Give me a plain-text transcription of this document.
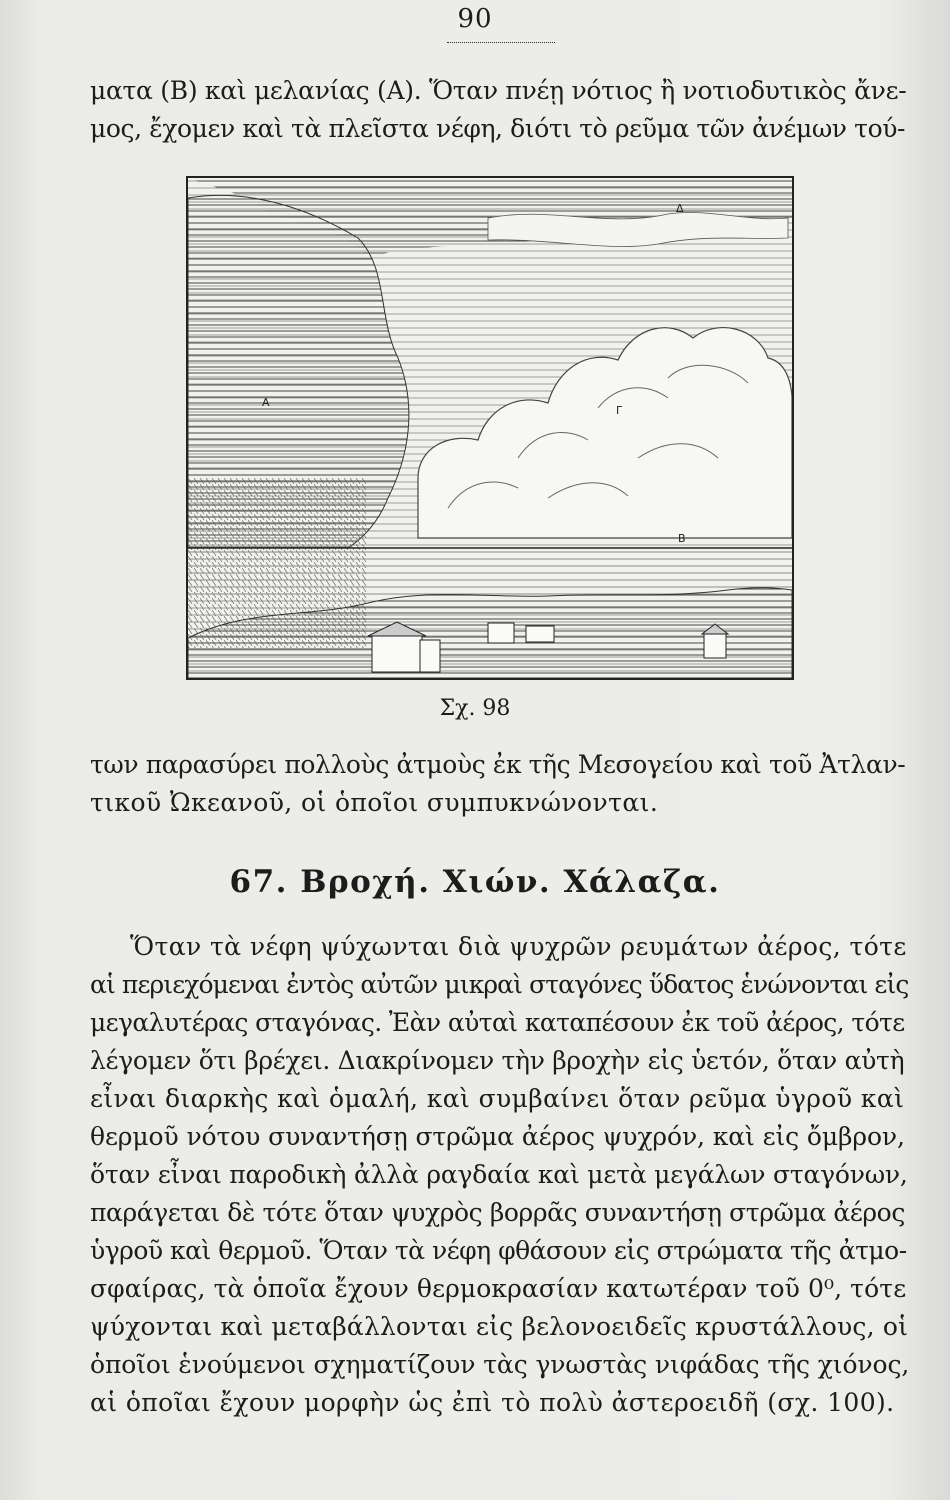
90
ματα (Β) καὶ μελανίας (Α). Ὅταν πνέῃ νότιος ἢ νοτιοδυτικὸς ἄνε-
μος, ἔχομεν καὶ τὰ πλεῖστα νέφη, διότι τὸ ρεῦμα τῶν ἀνέμων τού-
Δ
Α
Γ
Β
Σχ. 98
των παρασύρει πολλοὺς ἀτμοὺς ἐκ τῆς Μεσογείου καὶ τοῦ Ἀτλαν-
τικοῦ Ὠκεανοῦ, οἱ ὁποῖοι συμπυκνώνονται.
67. Βροχή. Χιών. Χάλαζα.
Ὅταν τὰ νέφη ψύχωνται διὰ ψυχρῶν ρευμάτων ἀέρος, τότε
αἱ περιεχόμεναι ἐντὸς αὐτῶν μικραὶ σταγόνες ὕδατος ἑνώνονται εἰς
μεγαλυτέρας σταγόνας. Ἐὰν αὐταὶ καταπέσουν ἐκ τοῦ ἀέρος, τότε
λέγομεν ὅτι βρέχει. Διακρίνομεν τὴν βροχὴν εἰς ὑετόν, ὅταν αὐτὴ
εἶναι διαρκὴς καὶ ὁμαλή, καὶ συμβαίνει ὅταν ρεῦμα ὑγροῦ καὶ
θερμοῦ νότου συναντήσῃ στρῶμα ἀέρος ψυχρόν, καὶ εἰς ὄμβρον,
ὅταν εἶναι παροδικὴ ἀλλὰ ραγδαία καὶ μετὰ μεγάλων σταγόνων,
παράγεται δὲ τότε ὅταν ψυχρὸς βορρᾶς συναντήσῃ στρῶμα ἀέρος
ὑγροῦ καὶ θερμοῦ. Ὅταν τὰ νέφη φθάσουν εἰς στρώματα τῆς ἀτμο-
σφαίρας, τὰ ὁποῖα ἔχουν θερμοκρασίαν κατωτέραν τοῦ 0⁰, τότε
ψύχονται καὶ μεταβάλλονται εἰς βελονοειδεῖς κρυστάλλους, οἱ
ὁποῖοι ἑνούμενοι σχηματίζουν τὰς γνωστὰς νιφάδας τῆς χιόνος,
αἱ ὁποῖαι ἔχουν μορφὴν ὡς ἐπὶ τὸ πολὺ ἀστεροειδῆ (σχ. 100).
